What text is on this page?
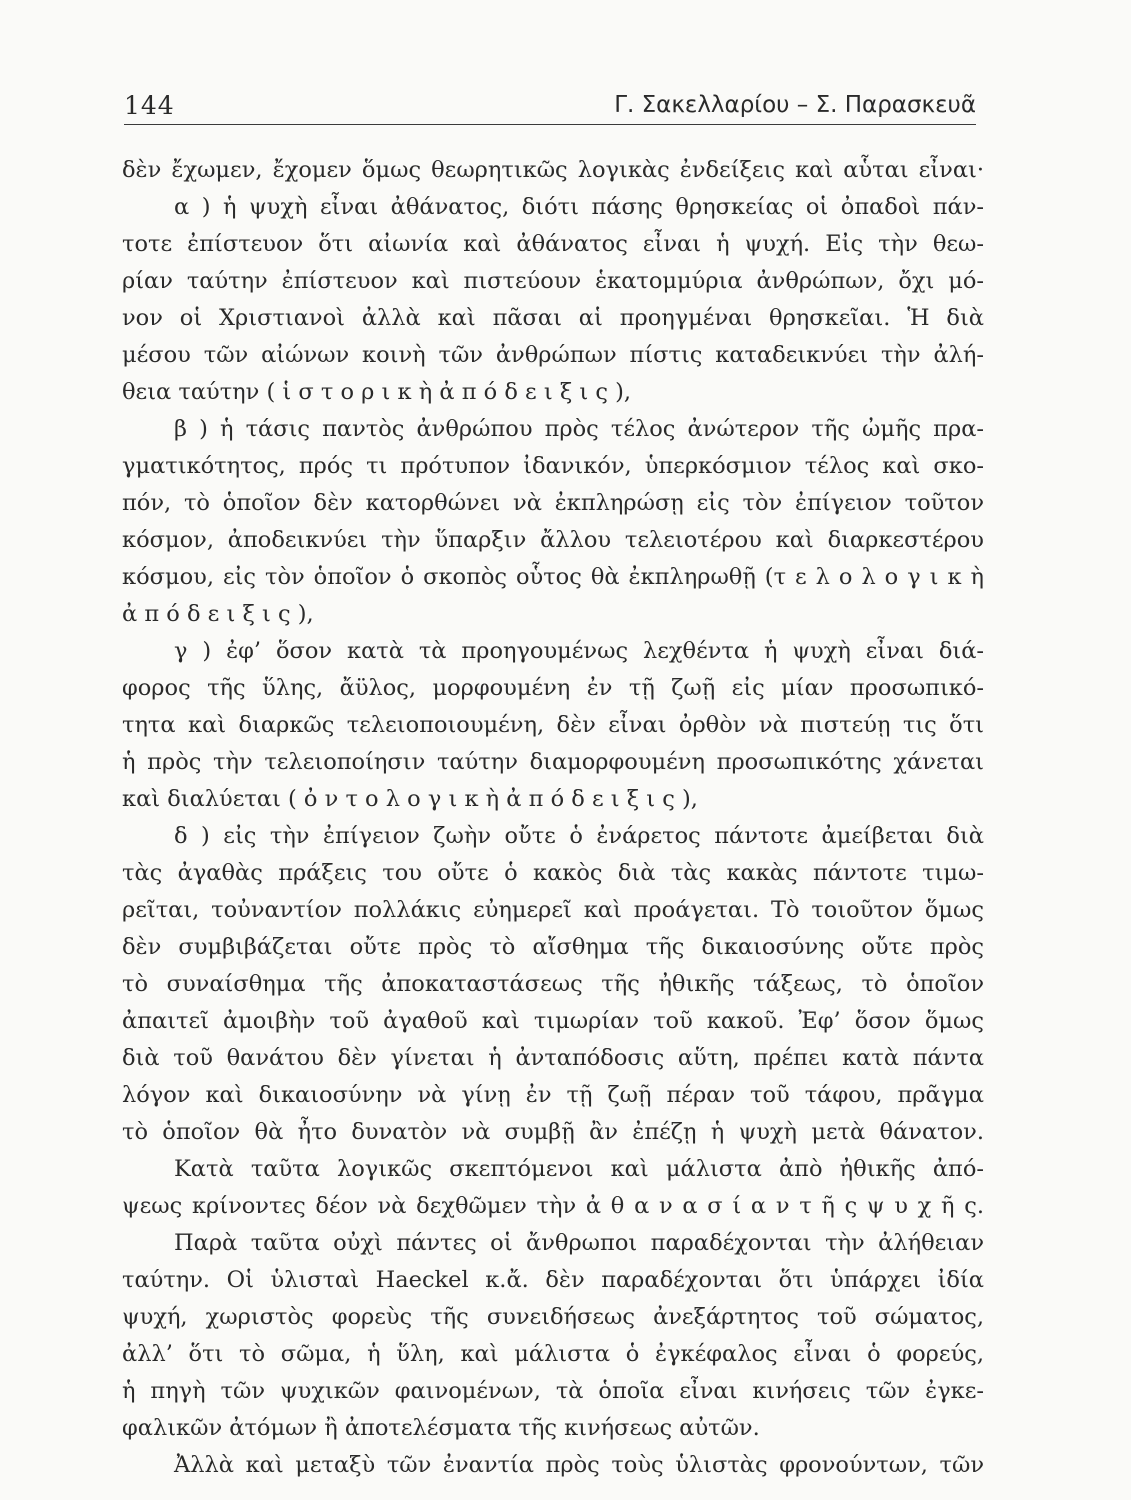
144	Γ. Σακελλαρίου – Σ. Παρασκευᾶ
δὲν ἔχωμεν, ἔχομεν ὅμως θεωρητικῶς λογικὰς ἐνδείξεις καὶ αὗται εἶναι·
α ) ἡ ψυχὴ εἶναι ἀθάνατος, διότι πάσης θρησκείας οἱ ὀπαδοὶ πάν-
τοτε ἐπίστευον ὅτι αἰωνία καὶ ἀθάνατος εἶναι ἡ ψυχή. Εἰς τὴν θεω-
ρίαν ταύτην ἐπίστευον καὶ πιστεύουν ἑκατομμύρια ἀνθρώπων, ὄχι μό-
νον οἱ Χριστιανοὶ ἀλλὰ καὶ πᾶσαι αἱ προηγμέναι θρησκεῖαι. Ἡ διὰ
μέσου τῶν αἰώνων κοινὴ τῶν ἀνθρώπων πίστις καταδεικνύει τὴν ἀλή-
θεια ταύτην ( ἱ σ τ ο ρ ι κ ὴ ἀ π ό δ ε ι ξ ι ς ),
β ) ἡ τάσις παντὸς ἀνθρώπου πρὸς τέλος ἀνώτερον τῆς ὠμῆς πρα-
γματικότητος, πρός τι πρότυπον ἰδανικόν, ὑπερκόσμιον τέλος καὶ σκο-
πόν, τὸ ὁποῖον δὲν κατορθώνει νὰ ἐκπληρώσῃ εἰς τὸν ἐπίγειον τοῦτον
κόσμον, ἀποδεικνύει τὴν ὕπαρξιν ἄλλου τελειοτέρου καὶ διαρκεστέρου
κόσμου, εἰς τὸν ὁποῖον ὁ σκοπὸς οὗτος θὰ ἐκπληρωθῇ (τ ε λ ο λ ο γ ι κ ὴ
ἀ π ό δ ε ι ξ ι ς ),
γ ) ἐφ’ ὅσον κατὰ τὰ προηγουμένως λεχθέντα ἡ ψυχὴ εἶναι διά-
φορος τῆς ὕλης, ἄϋλος, μορφουμένη ἐν τῇ ζωῇ εἰς μίαν προσωπικό-
τητα καὶ διαρκῶς τελειοποιουμένη, δὲν εἶναι ὀρθὸν νὰ πιστεύῃ τις ὅτι
ἡ πρὸς τὴν τελειοποίησιν ταύτην διαμορφουμένη προσωπικότης χάνεται
καὶ διαλύεται ( ὀ ν τ ο λ ο γ ι κ ὴ ἀ π ό δ ε ι ξ ι ς ),
δ ) εἰς τὴν ἐπίγειον ζωὴν οὔτε ὁ ἐνάρετος πάντοτε ἀμείβεται διὰ
τὰς ἀγαθὰς πράξεις του οὔτε ὁ κακὸς διὰ τὰς κακὰς πάντοτε τιμω-
ρεῖται, τοὐναντίον πολλάκις εὐημερεῖ καὶ προάγεται. Τὸ τοιοῦτον ὅμως
δὲν συμβιβάζεται οὔτε πρὸς τὸ αἴσθημα τῆς δικαιοσύνης οὔτε πρὸς
τὸ συναίσθημα τῆς ἀποκαταστάσεως τῆς ἠθικῆς τάξεως, τὸ ὁποῖον
ἀπαιτεῖ ἀμοιβὴν τοῦ ἀγαθοῦ καὶ τιμωρίαν τοῦ κακοῦ. Ἐφ’ ὅσον ὅμως
διὰ τοῦ θανάτου δὲν γίνεται ἡ ἀνταπόδοσις αὕτη, πρέπει κατὰ πάντα
λόγον καὶ δικαιοσύνην νὰ γίνῃ ἐν τῇ ζωῇ πέραν τοῦ τάφου, πρᾶγμα
τὸ ὁποῖον θὰ ἦτο δυνατὸν νὰ συμβῇ ἂν ἐπέζῃ ἡ ψυχὴ μετὰ θάνατον.
Κατὰ ταῦτα λογικῶς σκεπτόμενοι καὶ μάλιστα ἀπὸ ἠθικῆς ἀπό-
ψεως κρίνοντες δέον νὰ δεχθῶμεν τὴν ἀ θ α ν α σ ί α ν τ ῆ ς ψ υ χ ῆ ς.
Παρὰ ταῦτα οὐχὶ πάντες οἱ ἄνθρωποι παραδέχονται τὴν ἀλήθειαν
ταύτην. Οἱ ὑλισταὶ Haeckel κ.ἄ. δὲν παραδέχονται ὅτι ὑπάρχει ἰδία
ψυχή, χωριστὸς φορεὺς τῆς συνειδήσεως ἀνεξάρτητος τοῦ σώματος,
ἀλλ’ ὅτι τὸ σῶμα, ἡ ὕλη, καὶ μάλιστα ὁ ἐγκέφαλος εἶναι ὁ φορεύς,
ἡ πηγὴ τῶν ψυχικῶν φαινομένων, τὰ ὁποῖα εἶναι κινήσεις τῶν ἐγκε-
φαλικῶν ἀτόμων ἢ ἀποτελέσματα τῆς κινήσεως αὐτῶν.
Ἀλλὰ καὶ μεταξὺ τῶν ἐναντία πρὸς τοὺς ὑλιστὰς φρονούντων, τῶν
